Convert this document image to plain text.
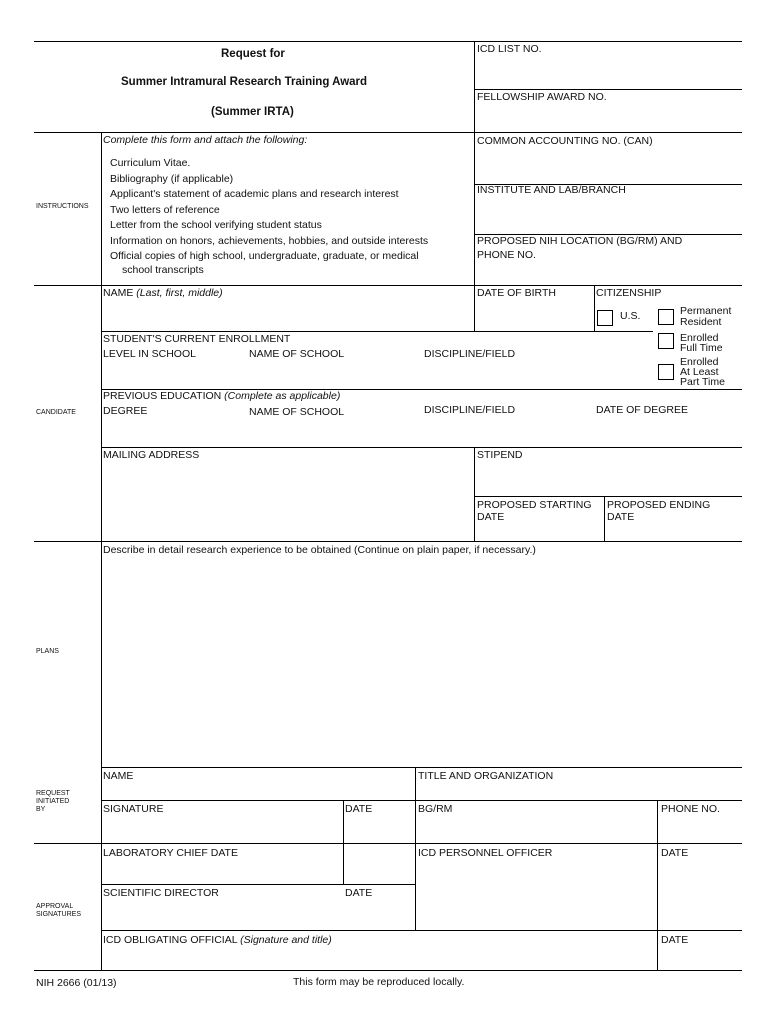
Request for
Summer Intramural Research Training Award
(Summer IRTA)
ICD LIST NO.
FELLOWSHIP AWARD NO.
INSTRUCTIONS
Complete this form and attach the following:
Curriculum Vitae.
Bibliography (if applicable)
Applicant's statement of academic plans and research interest
Two letters of reference
Letter from the school verifying student status
Information on honors, achievements, hobbies, and outside interests
Official copies of high school, undergraduate, graduate, or medical
school transcripts
COMMON ACCOUNTING NO. (CAN)
INSTITUTE AND LAB/BRANCH
PROPOSED NIH LOCATION (BG/RM) AND
PHONE NO.
CANDIDATE
NAME (Last, first, middle)	DATE OF BIRTH	CITIZENSHIP
U.S.	Permanent
Resident
STUDENT'S CURRENT ENROLLMENT
LEVEL IN SCHOOL	NAME OF SCHOOL	DISCIPLINE/FIELD
Enrolled
Full Time
Enrolled
At Least
Part Time
PREVIOUS EDUCATION (Complete as applicable)
DEGREE	NAME OF SCHOOL	DISCIPLINE/FIELD	DATE OF DEGREE
MAILING ADDRESS	STIPEND
PROPOSED STARTING
DATE
PROPOSED ENDING
DATE
PLANS
Describe in detail research experience to be obtained (Continue on plain paper, if necessary.)
REQUEST
INITIATED
BY
NAME	TITLE AND ORGANIZATION
SIGNATURE	DATE	BG/RM	PHONE NO.
APPROVAL
SIGNATURES
LABORATORY CHIEF DATE	ICD PERSONNEL OFFICER	DATE
SCIENTIFIC DIRECTOR	DATE
ICD OBLIGATING OFFICIAL (Signature and title)	DATE
NIH 2666 (01/13)	This form may be reproduced locally.
